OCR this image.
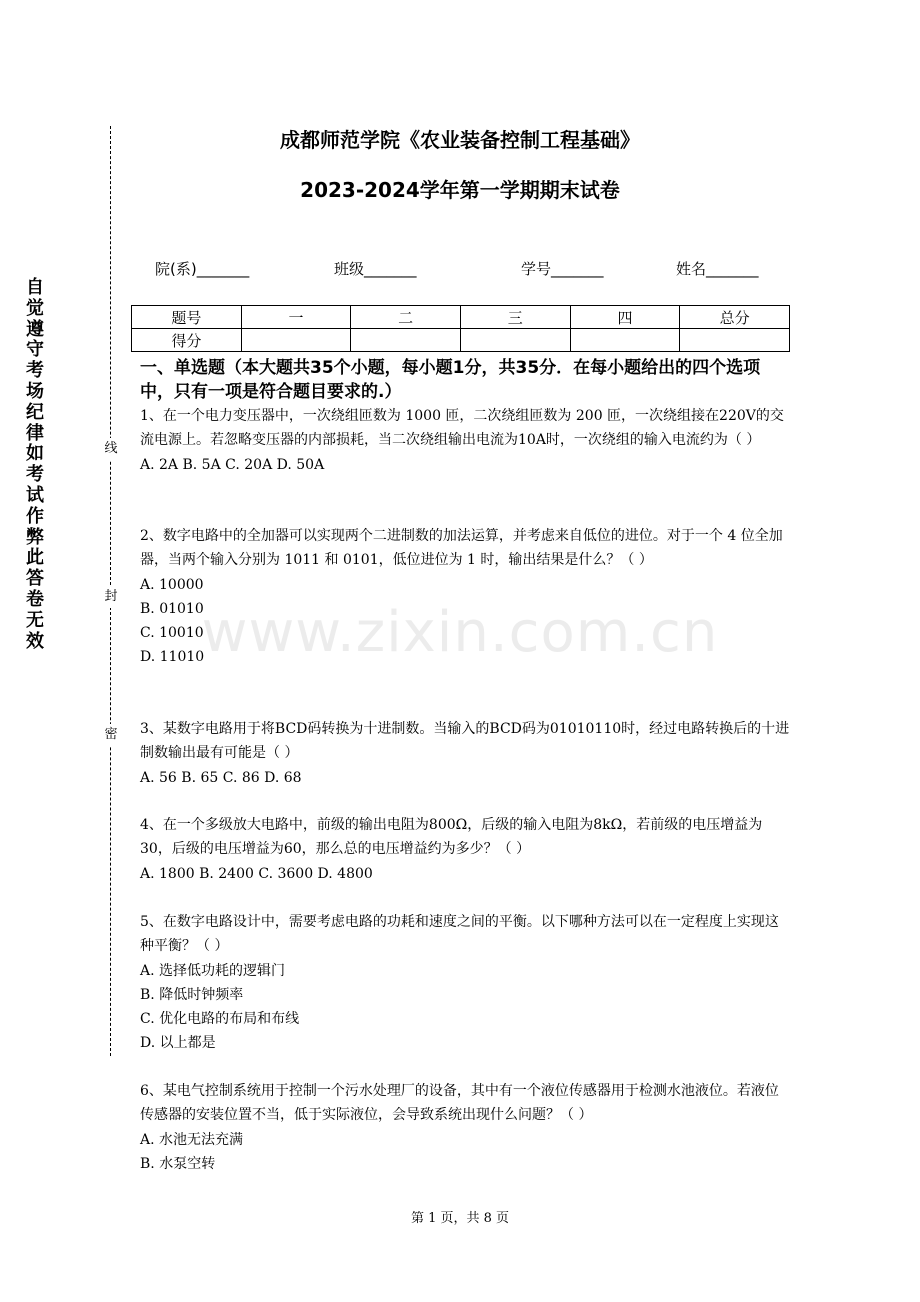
www.zixin.com.cn
自觉遵守考场纪律如考试作弊此答卷无效
线
封
密
成都师范学院《农业装备控制工程基础》
2023-2024学年第一学期期末试卷
院(系)_______	班级_______	学号_______	姓名_______
题号	一	二	三	四	总分
得分					
一、单选题（本大题共35个小题，每小题1分，共35分．在每小题给出的四个选项中，只有一项是符合题目要求的.）

1、在一个电力变压器中，一次绕组匝数为 1000 匝，二次绕组匝数为 200 匝，一次绕组接在220V的交流电源上。若忽略变压器的内部损耗，当二次绕组输出电流为10A时，一次绕组的输入电流约为（ ）

A. 2A B. 5A C. 20A D. 50A

2、数字电路中的全加器可以实现两个二进制数的加法运算，并考虑来自低位的进位。对于一个 4 位全加器，当两个输入分别为 1011 和 0101，低位进位为 1 时，输出结果是什么？（ ）

A. 10000

B. 01010

C. 10010

D. 11010

3、某数字电路用于将BCD码转换为十进制数。当输入的BCD码为01010110时，经过电路转换后的十进制数输出最有可能是（ ）

A. 56 B. 65 C. 86 D. 68

4、在一个多级放大电路中，前级的输出电阻为800Ω，后级的输入电阻为8kΩ，若前级的电压增益为30，后级的电压增益为60，那么总的电压增益约为多少？（ ）

A. 1800 B. 2400 C. 3600 D. 4800

5、在数字电路设计中，需要考虑电路的功耗和速度之间的平衡。以下哪种方法可以在一定程度上实现这种平衡？（ ）

A. 选择低功耗的逻辑门

B. 降低时钟频率

C. 优化电路的布局和布线

D. 以上都是

6、某电气控制系统用于控制一个污水处理厂的设备，其中有一个液位传感器用于检测水池液位。若液位传感器的安装位置不当，低于实际液位，会导致系统出现什么问题？（ ）

A. 水池无法充满

B. 水泵空转

第 1 页，共 8 页
